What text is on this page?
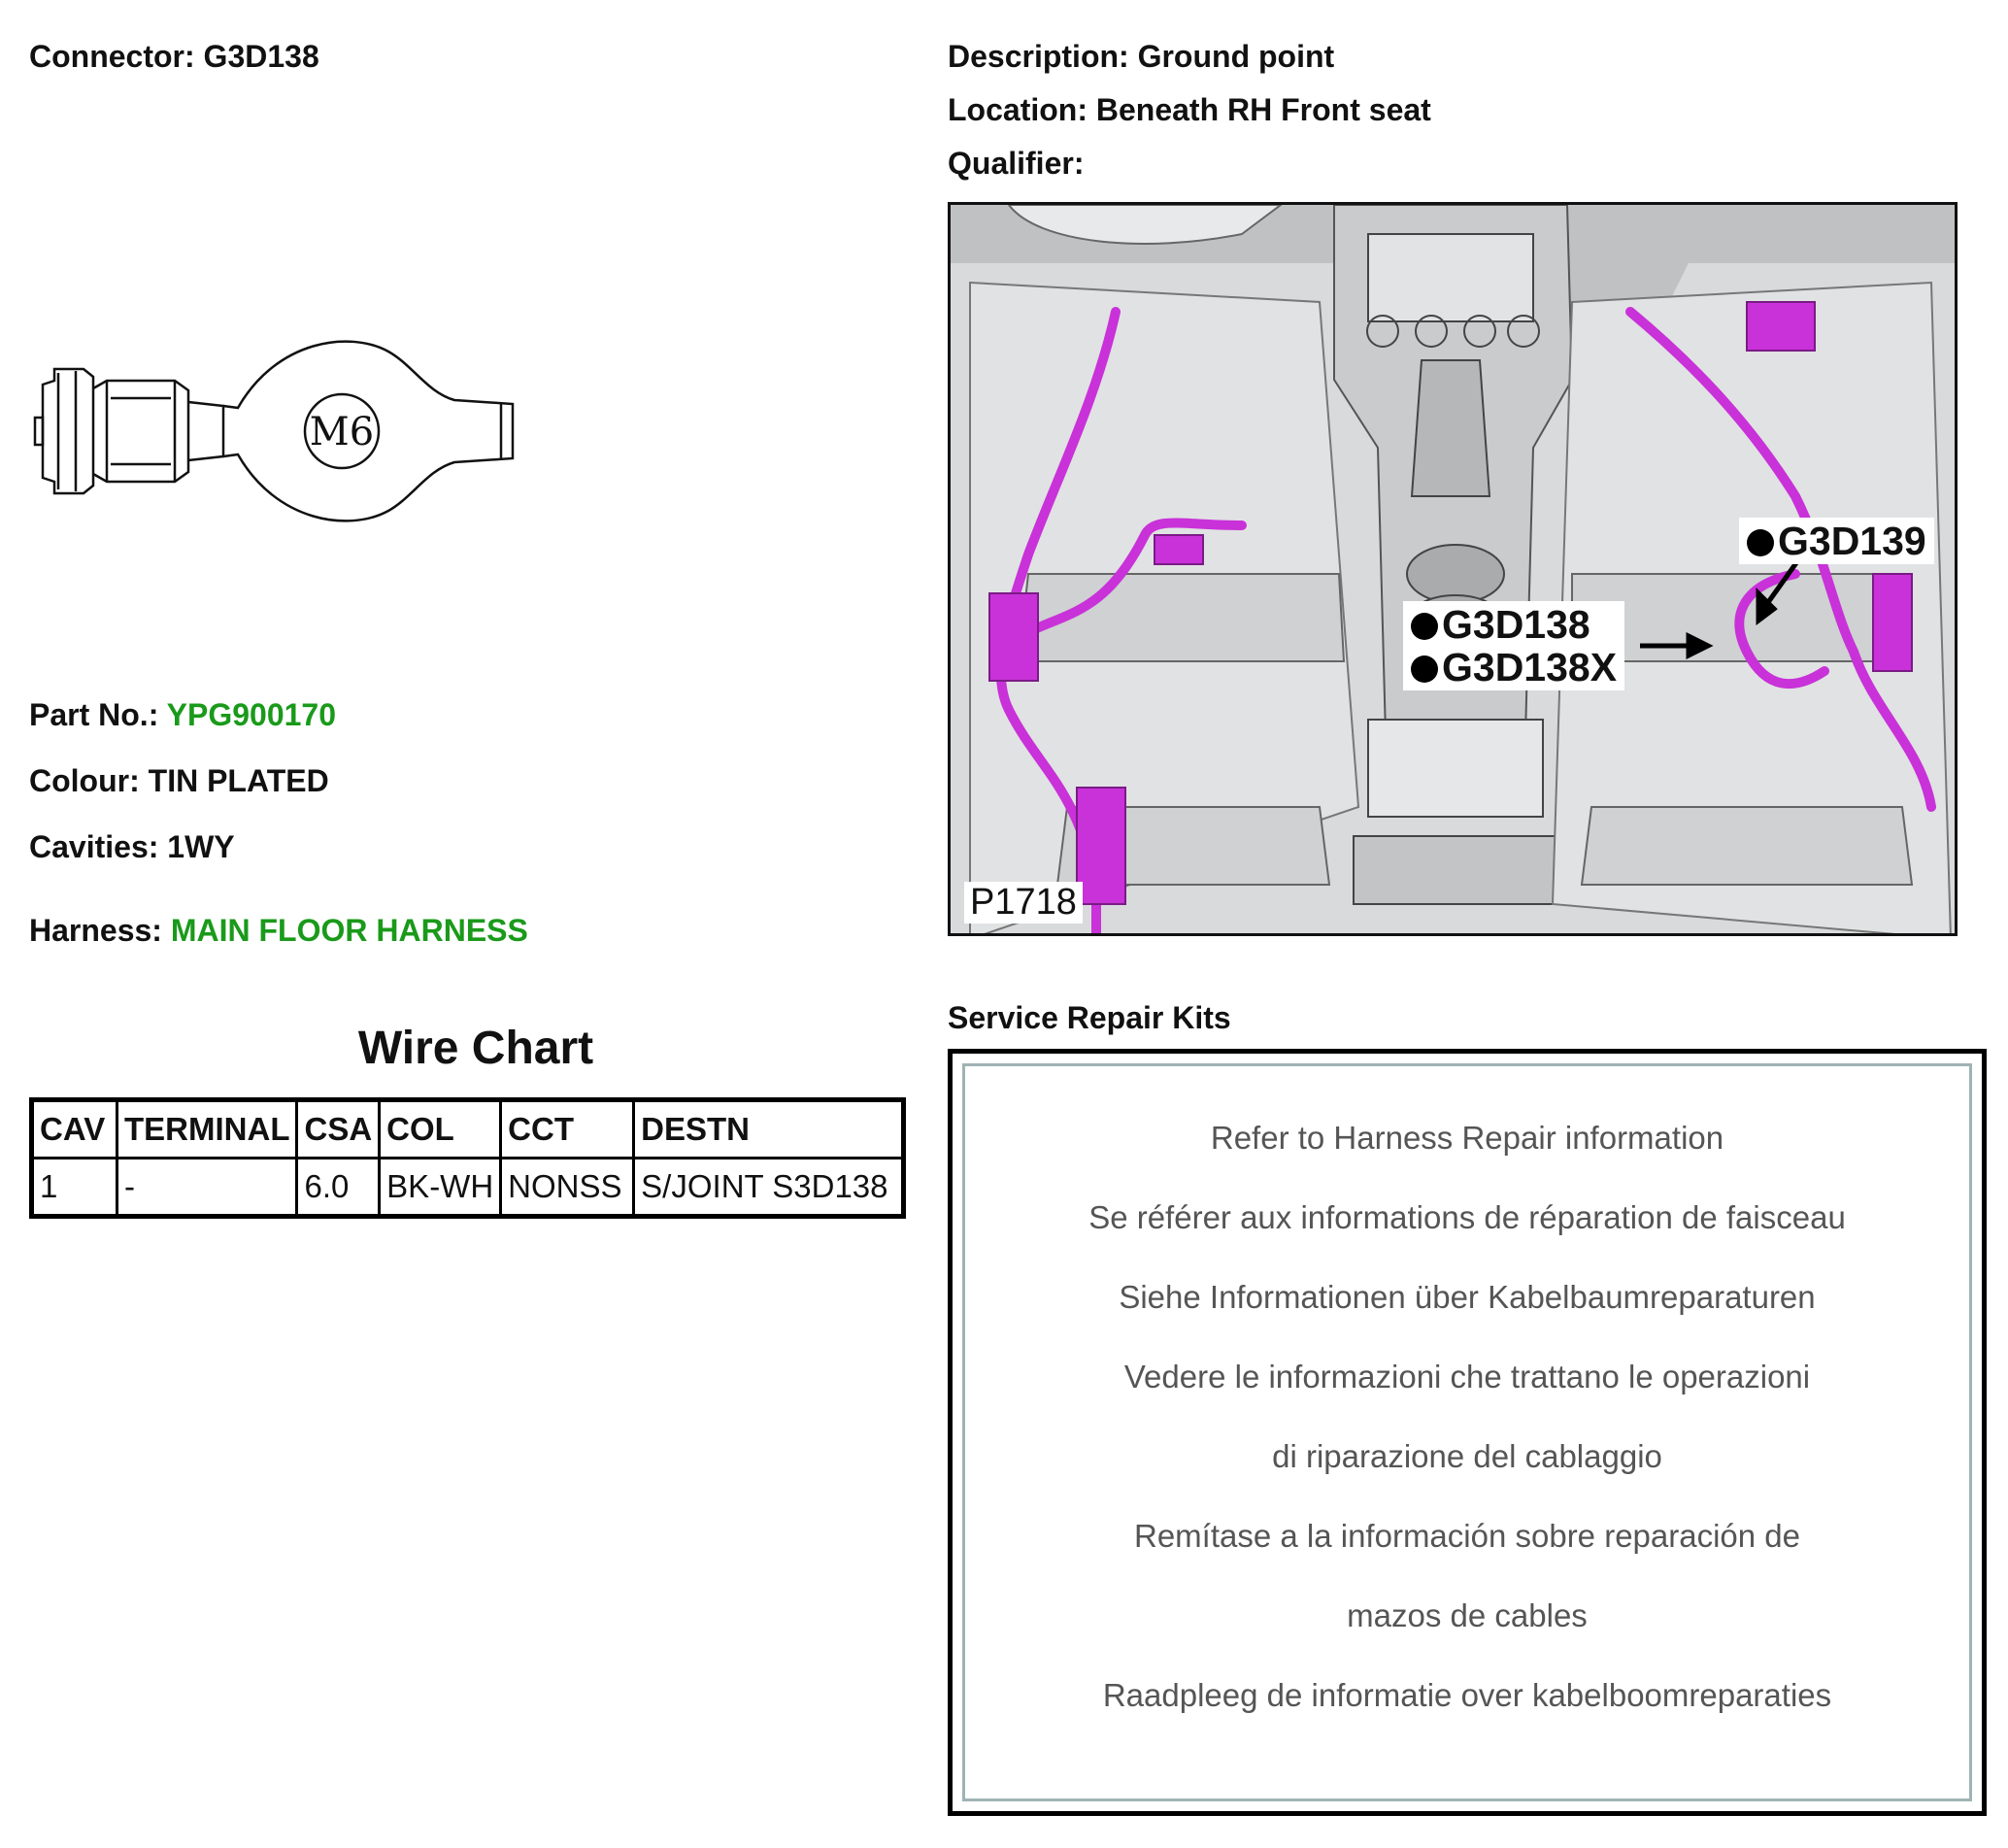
Connector: G3D138	Description: Ground point
Location: Beneath RH Front seat
Qualifier:
M6
Part No.: YPG900170
Colour: TIN PLATED
Cavities: 1WY
Harness: MAIN FLOOR HARNESS
Wire Chart
CAV	TERMINAL	CSA	COL	CCT	DESTN
1	-	6.0	BK-WH	NONSS	S/JOINT S3D138
G3D139
G3D138
G3D138X
P1718
Service Repair Kits
Refer to Harness Repair information
Se référer aux informations de réparation de faisceau
Siehe Informationen über Kabelbaumreparaturen
Vedere le informazioni che trattano le operazioni
di riparazione del cablaggio
Remítase a la información sobre reparación de
mazos de cables
Raadpleeg de informatie over kabelboomreparaties
